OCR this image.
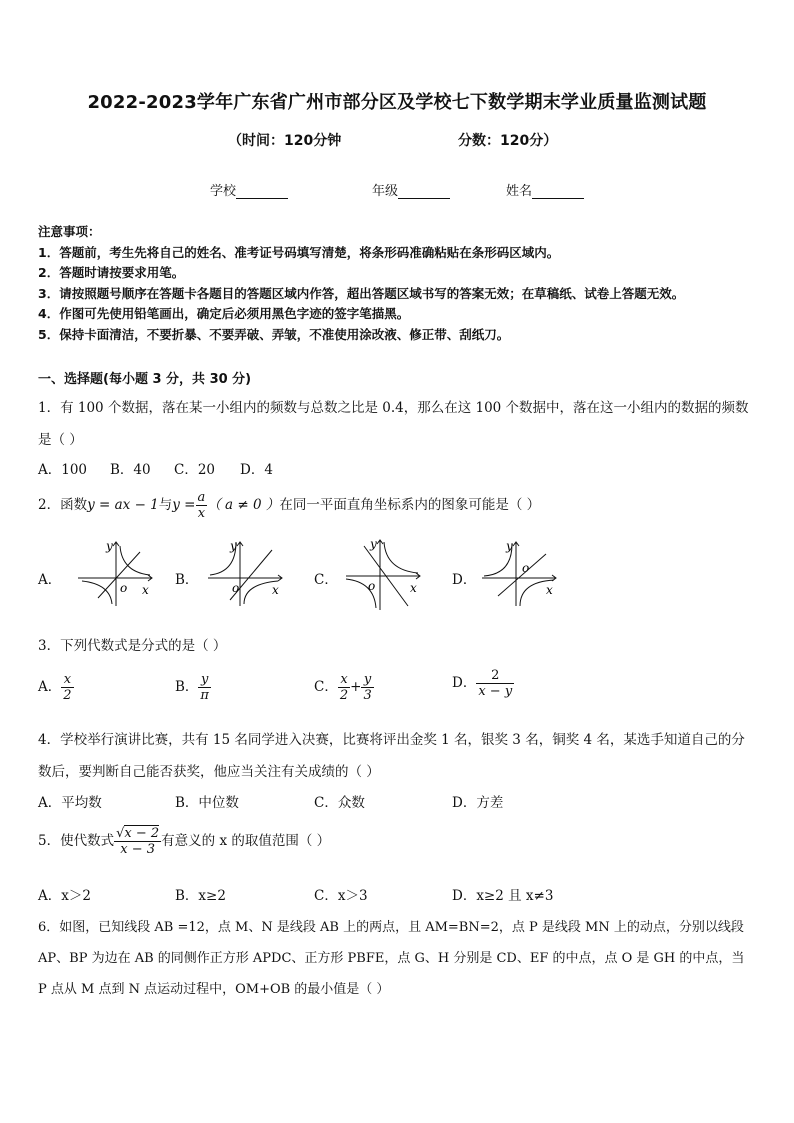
2022-2023学年广东省广州市部分区及学校七下数学期末学业质量监测试题
（时间：120分钟	分数：120分）
学校	年级	姓名
注意事项：
1．答题前，考生先将自己的姓名、准考证号码填写清楚，将条形码准确粘贴在条形码区域内。
2．答题时请按要求用笔。
3．请按照题号顺序在答题卡各题目的答题区域内作答，超出答题区域书写的答案无效；在草稿纸、试卷上答题无效。
4．作图可先使用铅笔画出，确定后必须用黑色字迹的签字笔描黑。
5．保持卡面清洁，不要折暴、不要弄破、弄皱，不准使用涂改液、修正带、刮纸刀。
一、选择题(每小题 3 分，共 30 分)
1．有 100 个数据，落在某一小组内的频数与总数之比是 0.4，那么在这 100 个数据中，落在这一小组内的数据的频数
是（ ）
A．100 B．40 C．20 D．4
2．函数y = ax − 1与$y = \frac{a}{x}$ （ a ≠ 0 ）在同一平面直角坐标系内的图象可能是（ ）
A．	B．	C．	D．
y
o x
y
o	x
y
o	x
y
o
x
3．下列代数式是分式的是（ ）
A． $\frac{x}{2}$	B． $\frac{y}{\pi}$	C． $\frac{x}{2} + \frac{y}{3}$	D． $\frac{2}{x - y}$
4．学校举行演讲比赛，共有 15 名同学进入决赛，比赛将评出金奖 1 名，银奖 3 名，铜奖 4 名，某选手知道自己的分
数后，要判断自己能否获奖，他应当关注有关成绩的（ ）
A．平均数	B．中位数	C．众数	D．方差
5．使代数式 $\frac{√x - 2}{x - 3}$ 有意义的 x 的取值范围（ ）
A．x＞2	B．x≥2	C．x＞3	D．x≥2 且 x≠3
6．如图，已知线段 AB =12，点 M、N 是线段 AB 上的两点，且 AM=BN=2，点 P 是线段 MN 上的动点，分别以线段
AP、BP 为边在 AB 的同侧作正方形 APDC、正方形 PBFE，点 G、H 分别是 CD、EF 的中点，点 O 是 GH 的中点，当
P 点从 M 点到 N 点运动过程中，OM+OB 的最小值是（ ）
